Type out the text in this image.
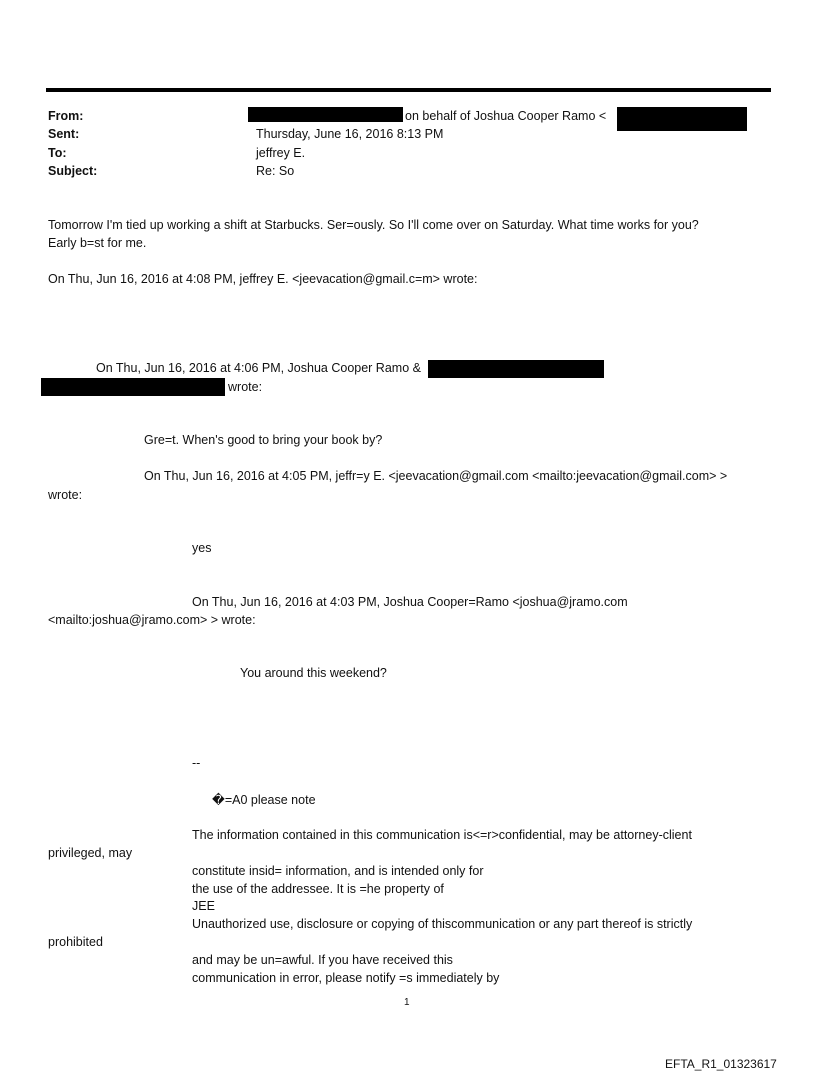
From:
Sent:
To:
Subject:
on behalf of Joshua Cooper Ramo <
Thursday, June 16, 2016 8:13 PM
jeffrey E.
Re: So
Tomorrow I'm tied up working a shift at Starbucks. Ser=ously. So I'll come over on Saturday. What time works for you?
Early b=st for me.
On Thu, Jun 16, 2016 at 4:08 PM, jeffrey E. <jeevacation@gmail.c=m> wrote:
On Thu, Jun 16, 2016 at 4:06 PM, Joshua Cooper Ramo &
wrote:
Gre=t. When's good to bring your book by?
On Thu, Jun 16, 2016 at 4:05 PM, jeffr=y E. <jeevacation@gmail.com <mailto:jeevacation@gmail.com> >
wrote:
yes
On Thu, Jun 16, 2016 at 4:03 PM, Joshua Cooper=Ramo <joshua@jramo.com
<mailto:joshua@jramo.com> > wrote:
You around this weekend?
--
�=A0 please note
The information contained in this communication is<=r>confidential, may be attorney-client
privileged, may
constitute insid= information, and is intended only for
the use of the addressee. It is =he property of
JEE
Unauthorized use, disclosure or copying of thiscommunication or any part thereof is strictly
prohibited
and may be un=awful. If you have received this
communication in error, please notify =s immediately by
1
EFTA_R1_01323617
